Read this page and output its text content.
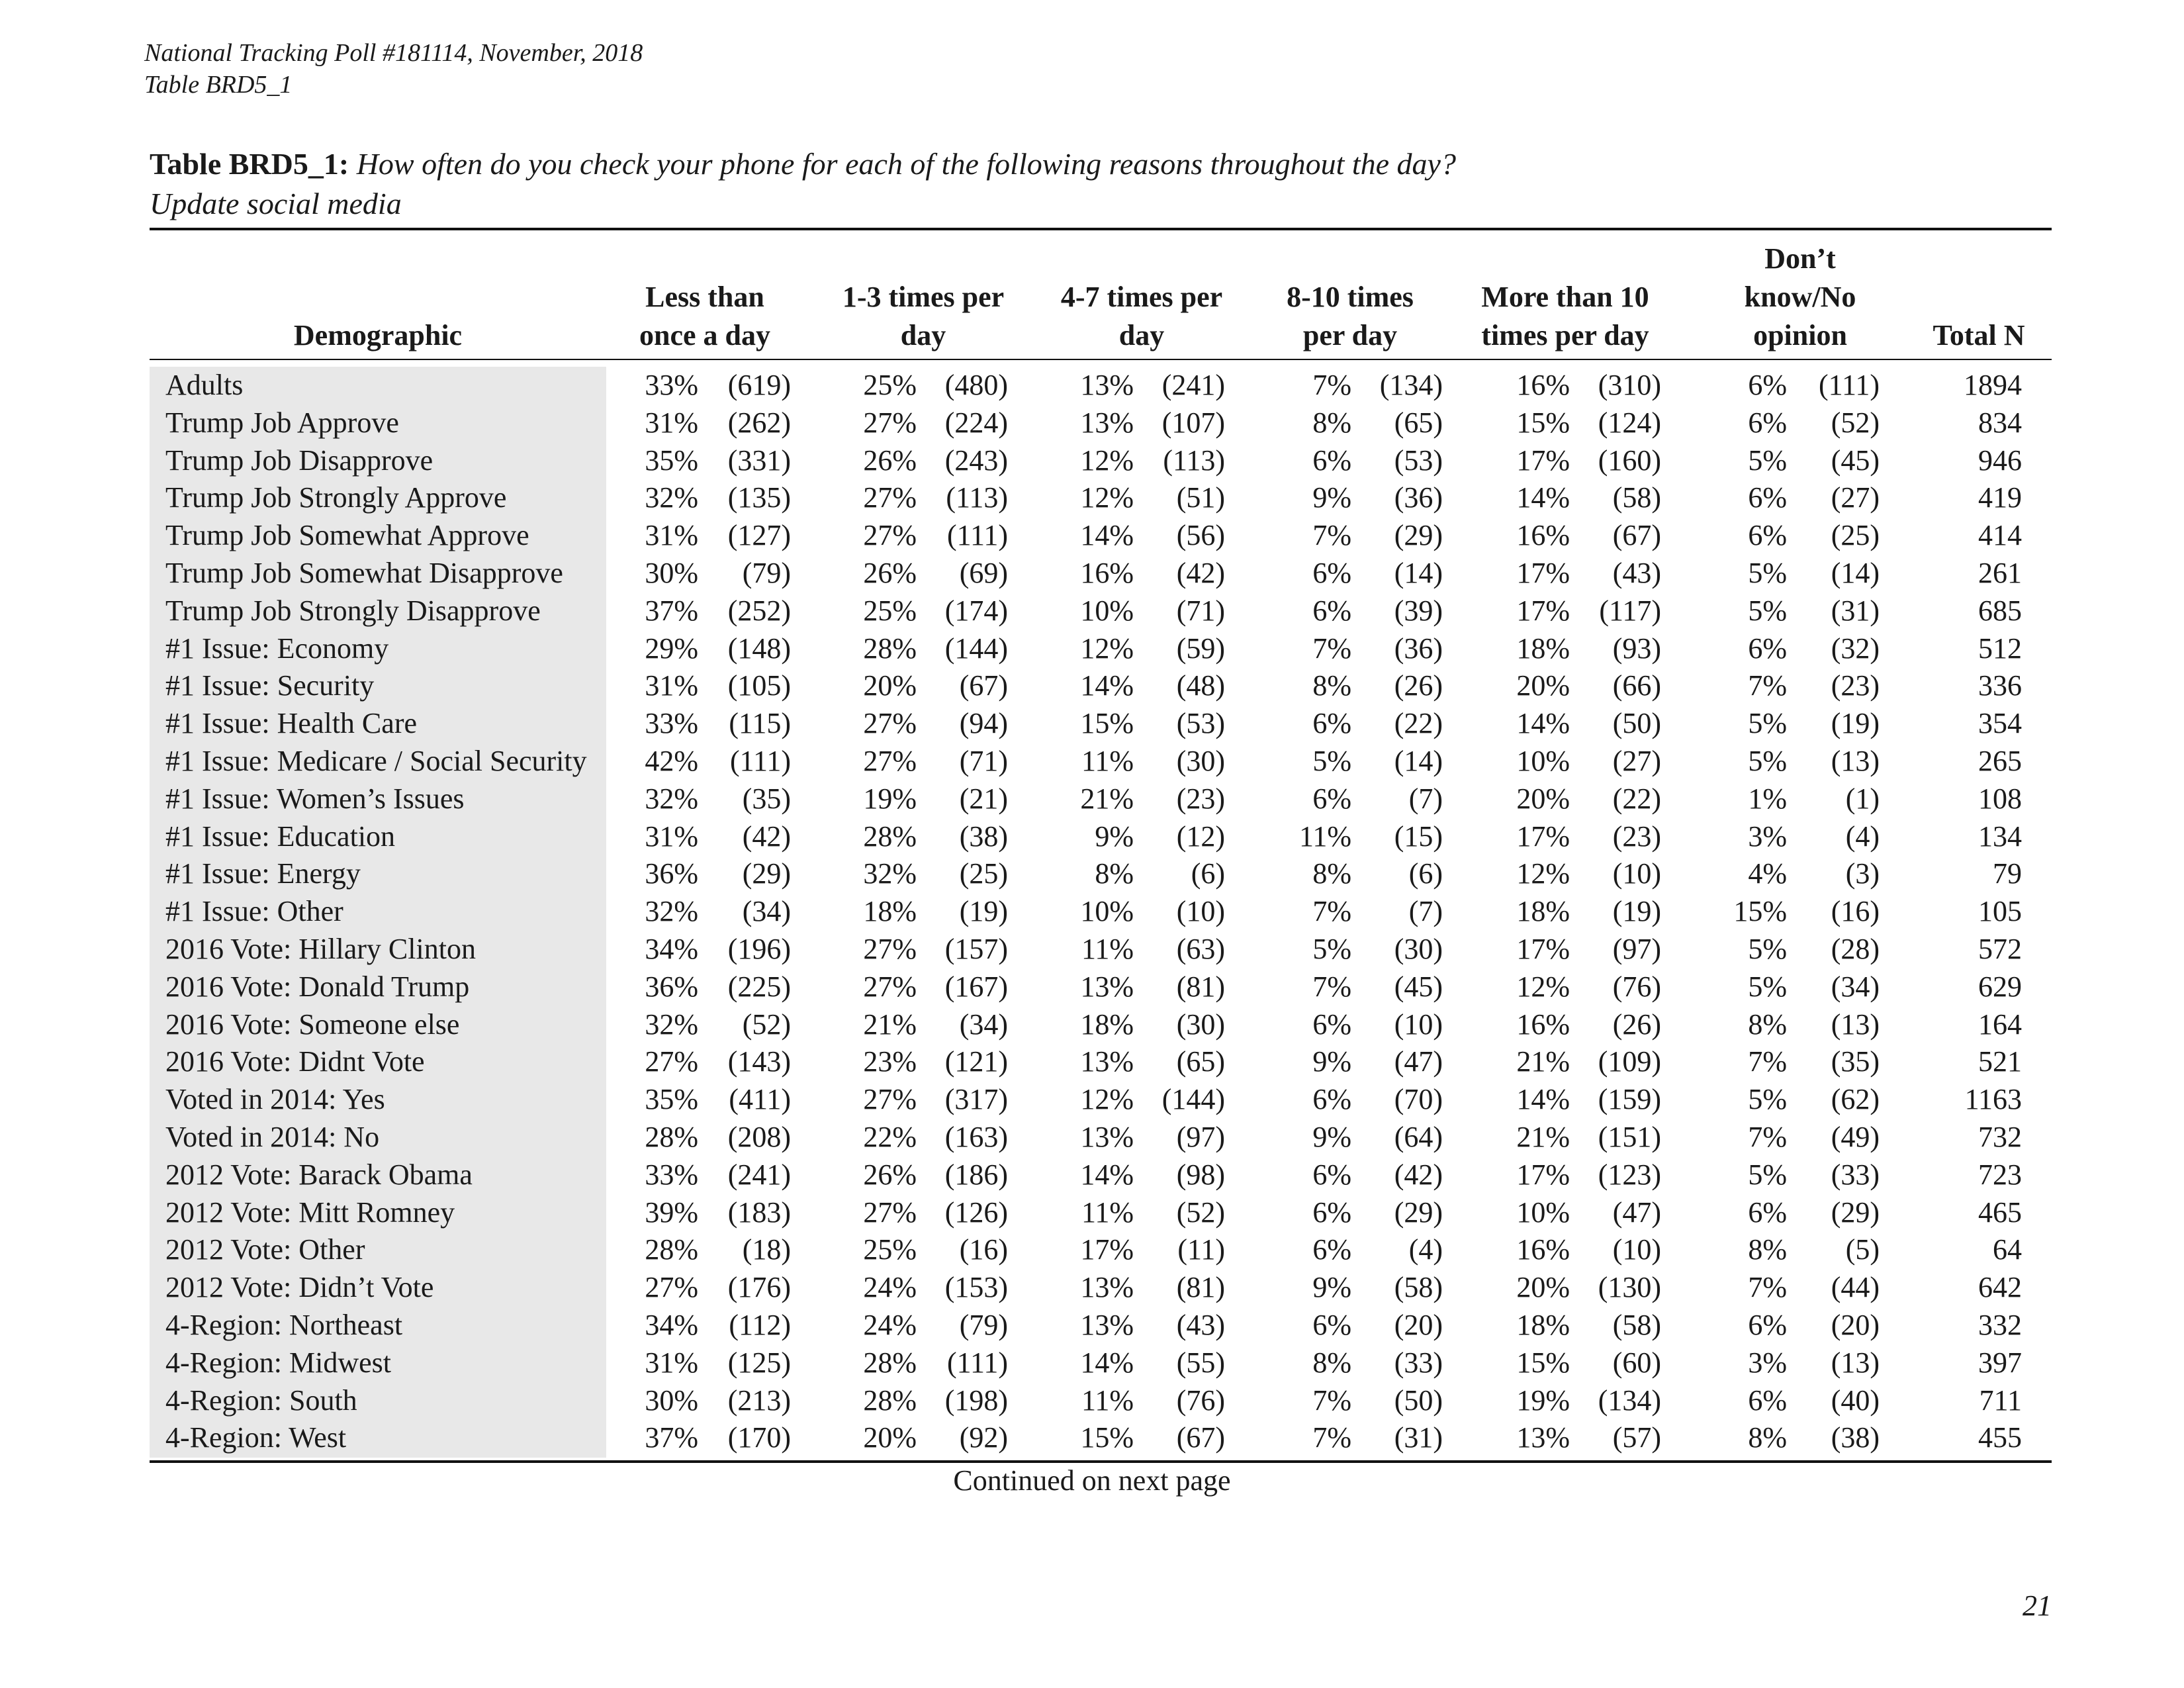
National Tracking Poll #181114, November, 2018
Table BRD5_1
Table BRD5_1: How often do you check your phone for each of the following reasons throughout the day?
Update social media
Demographic
Less than
once a day
1-3 times per
day
4-7 times per
day
8-10 times
per day
More than 10
times per day
Don’t
know/No
opinion	Total N
Adults	33% (619) 25% (480) 13% (241)	7% (134)	16% (310)	6% (111)	1894
Trump Job Approve	31% (262) 27% (224) 13% (107)	8% (65)	15% (124)	6% (52)	834
Trump Job Disapprove	35% (331) 26% (243) 12% (113)	6% (53)	17% (160)	5% (45)	946
Trump Job Strongly Approve	32% (135) 27% (113) 12% (51)	9% (36)	14% (58)	6% (27)	419
Trump Job Somewhat Approve	31% (127) 27% (111) 14% (56)	7% (29)	16% (67)	6% (25)	414
Trump Job Somewhat Disapprove	30% (79) 26% (69) 16% (42)	6% (14)	17% (43)	5% (14)	261
Trump Job Strongly Disapprove	37% (252) 25% (174) 10% (71)	6% (39)	17% (117)	5% (31)	685
#1 Issue: Economy	29% (148) 28% (144) 12% (59)	7% (36)	18% (93)	6% (32)	512
#1 Issue: Security	31% (105) 20% (67) 14% (48)	8% (26)	20% (66)	7% (23)	336
#1 Issue: Health Care	33% (115) 27% (94) 15% (53)	6% (22)	14% (50)	5% (19)	354
#1 Issue: Medicare / Social Security 42% (111) 27% (71)	11% (30)	5% (14)	10% (27)	5% (13)	265
#1 Issue: Women’s Issues	32% (35) 19% (21) 21% (23)	6% (7)	20% (22)	1% (1)	108
#1 Issue: Education	31% (42) 28% (38)	9% (12)	11% (15)	17% (23)	3% (4)	134
#1 Issue: Energy	36% (29) 32% (25)	8% (6)	8% (6)	12% (10)	4% (3)	79
#1 Issue: Other	32% (34) 18% (19) 10% (10)	7% (7)	18% (19) 15% (16)	105
2016 Vote: Hillary Clinton	34% (196) 27% (157)	11% (63)	5% (30)	17% (97)	5% (28)	572
2016 Vote: Donald Trump	36% (225) 27% (167) 13% (81)	7% (45)	12% (76)	5% (34)	629
2016 Vote: Someone else	32% (52) 21% (34) 18% (30)	6% (10)	16% (26)	8% (13)	164
2016 Vote: Didnt Vote	27% (143) 23% (121) 13% (65)	9% (47)	21% (109)	7% (35)	521
Voted in 2014: Yes	35% (411) 27% (317) 12% (144)	6% (70)	14% (159)	5% (62)	1163
Voted in 2014: No	28% (208) 22% (163) 13% (97)	9% (64)	21% (151)	7% (49)	732
2012 Vote: Barack Obama	33% (241) 26% (186) 14% (98)	6% (42)	17% (123)	5% (33)	723
2012 Vote: Mitt Romney	39% (183) 27% (126)	11% (52)	6% (29)	10% (47)	6% (29)	465
2012 Vote: Other	28% (18) 25% (16) 17% (11)	6% (4)	16% (10)	8% (5)	64
2012 Vote: Didn’t Vote	27% (176) 24% (153) 13% (81)	9% (58)	20% (130)	7% (44)	642
4-Region: Northeast	34% (112) 24% (79) 13% (43)	6% (20)	18% (58)	6% (20)	332
4-Region: Midwest	31% (125) 28% (111) 14% (55)	8% (33)	15% (60)	3% (13)	397
4-Region: South	30% (213) 28% (198)	11% (76)	7% (50)	19% (134)	6% (40)	711
4-Region: West	37% (170) 20% (92) 15% (67)	7% (31)	13% (57)	8% (38)	455
Continued on next page
21
